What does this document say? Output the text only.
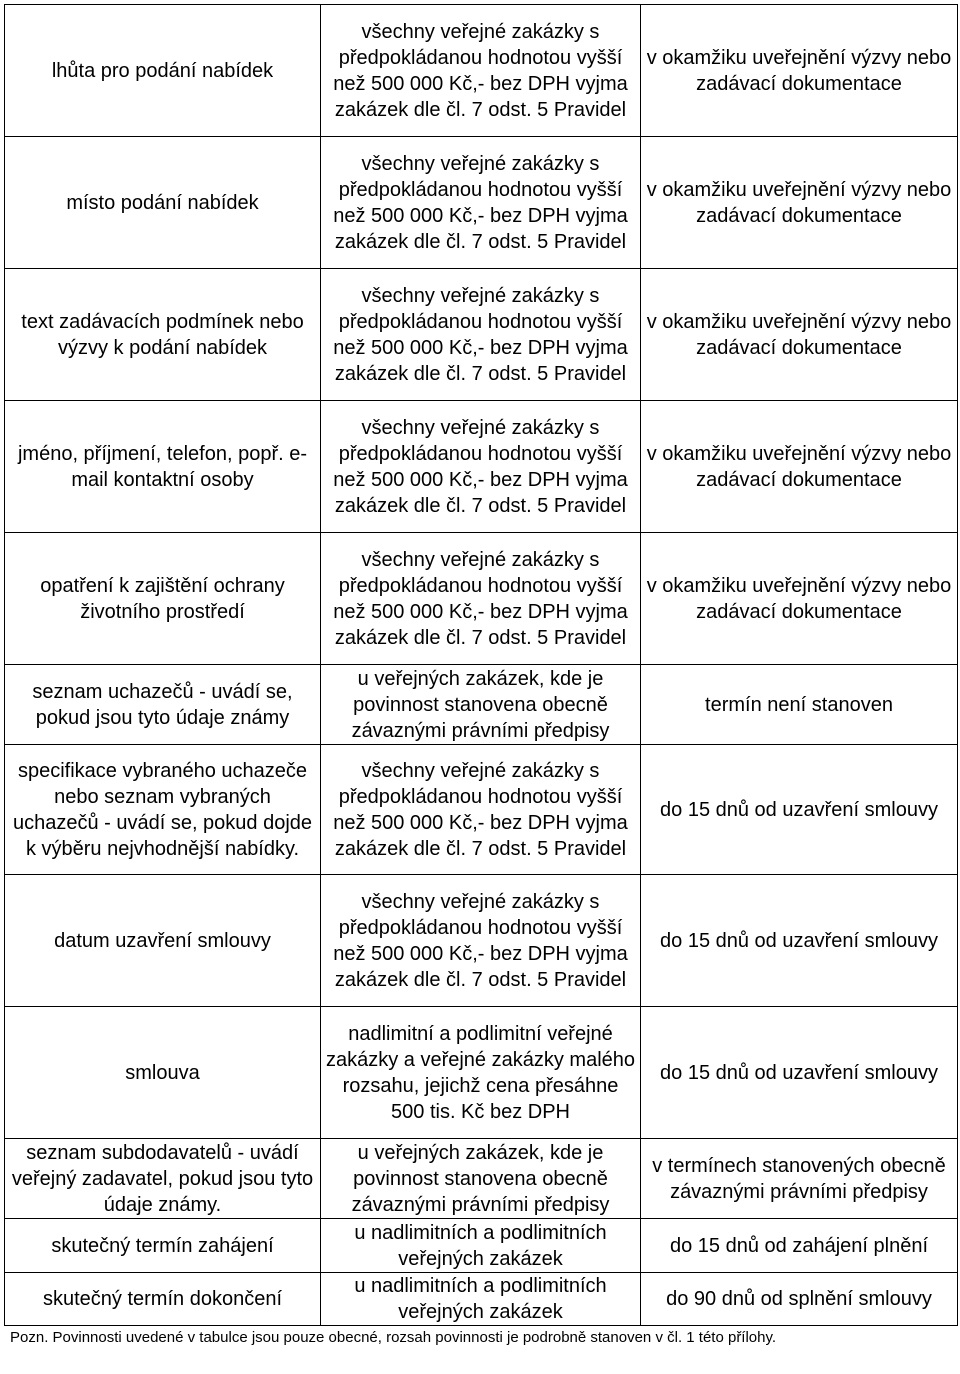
lhůta pro podání nabídek	všechny veřejné zakázky s předpokládanou hodnotou vyšší než 500 000 Kč,- bez DPH vyjma zakázek dle čl. 7 odst. 5 Pravidel	v okamžiku uveřejnění výzvy nebo zadávací dokumentace

místo podání nabídek	všechny veřejné zakázky s předpokládanou hodnotou vyšší než 500 000 Kč,- bez DPH vyjma zakázek dle čl. 7 odst. 5 Pravidel	v okamžiku uveřejnění výzvy nebo zadávací dokumentace

text zadávacích podmínek nebo výzvy k podání nabídek	všechny veřejné zakázky s předpokládanou hodnotou vyšší než 500 000 Kč,- bez DPH vyjma zakázek dle čl. 7 odst. 5 Pravidel	v okamžiku uveřejnění výzvy nebo zadávací dokumentace

jméno, příjmení, telefon, popř. e-mail kontaktní osoby	všechny veřejné zakázky s předpokládanou hodnotou vyšší než 500 000 Kč,- bez DPH vyjma zakázek dle čl. 7 odst. 5 Pravidel	v okamžiku uveřejnění výzvy nebo zadávací dokumentace

opatření k zajištění ochrany životního prostředí	všechny veřejné zakázky s předpokládanou hodnotou vyšší než 500 000 Kč,- bez DPH vyjma zakázek dle čl. 7 odst. 5 Pravidel	v okamžiku uveřejnění výzvy nebo zadávací dokumentace

seznam uchazečů - uvádí se, pokud jsou tyto údaje známy	u veřejných zakázek, kde je povinnost stanovena obecně závaznými právními předpisy	termín není stanoven

specifikace vybraného uchazeče nebo seznam vybraných uchazečů - uvádí se, pokud dojde k výběru nejvhodnější nabídky.	všechny veřejné zakázky s předpokládanou hodnotou vyšší než 500 000 Kč,- bez DPH vyjma zakázek dle čl. 7 odst. 5 Pravidel	do 15 dnů od uzavření smlouvy

datum uzavření smlouvy	všechny veřejné zakázky s předpokládanou hodnotou vyšší než 500 000 Kč,- bez DPH vyjma zakázek dle čl. 7 odst. 5 Pravidel	do 15 dnů od uzavření smlouvy

smlouva	nadlimitní a podlimitní veřejné zakázky a veřejné zakázky malého rozsahu, jejichž cena přesáhne 500 tis. Kč bez DPH	do 15 dnů od uzavření smlouvy

seznam subdodavatelů - uvádí veřejný zadavatel, pokud jsou tyto údaje známy.	u veřejných zakázek, kde je povinnost stanovena obecně závaznými právními předpisy	v termínech stanovených obecně závaznými právními předpisy

skutečný termín zahájení	u nadlimitních a podlimitních veřejných zakázek	do 15 dnů od zahájení plnění

skutečný termín dokončení	u nadlimitních a podlimitních veřejných zakázek	do 90 dnů od splnění smlouvy
Pozn. Povinnosti uvedené v tabulce jsou pouze obecné, rozsah povinnosti je podrobně stanoven v čl. 1 této přílohy.
